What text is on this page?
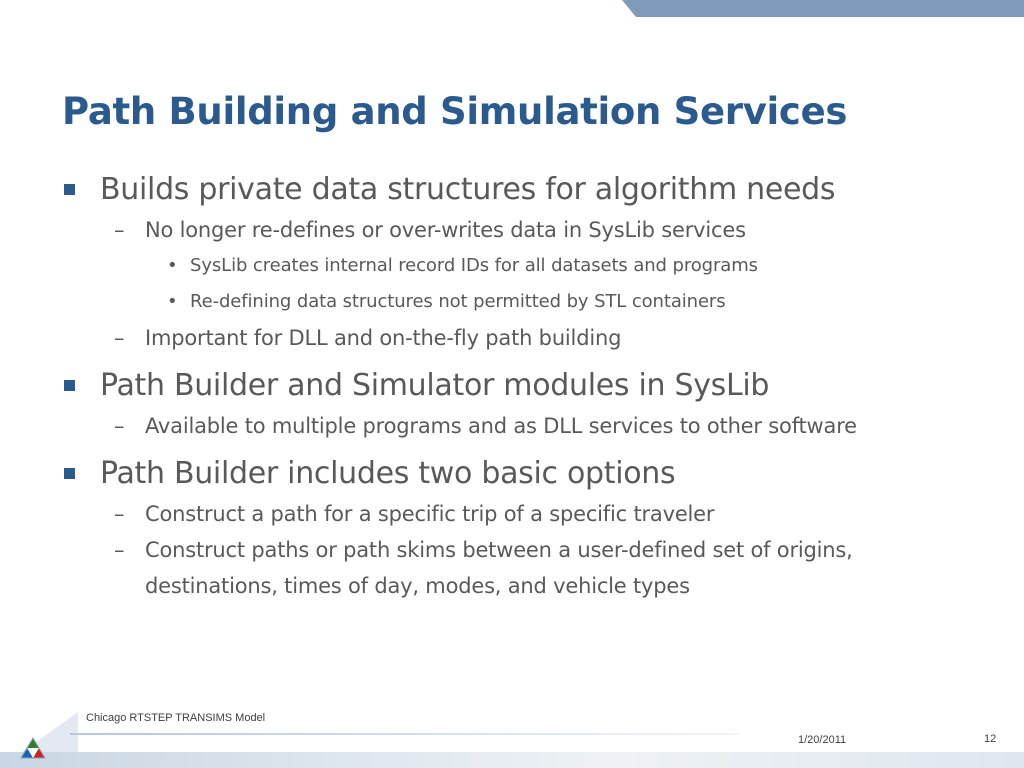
Path Building and Simulation Services
Builds private data structures for algorithm needs
– No longer re-defines or over-writes data in SysLib services
• SysLib creates internal record IDs for all datasets and programs
• Re-defining data structures not permitted by STL containers
– Important for DLL and on-the-fly path building
Path Builder and Simulator modules in SysLib
– Available to multiple programs and as DLL services to other software
Path Builder includes two basic options
– Construct a path for a specific trip of a specific traveler
– Construct paths or path skims between a user-defined set of origins,
destinations, times of day, modes, and vehicle types
Chicago RTSTEP TRANSIMS Model
1/20/2011	12
